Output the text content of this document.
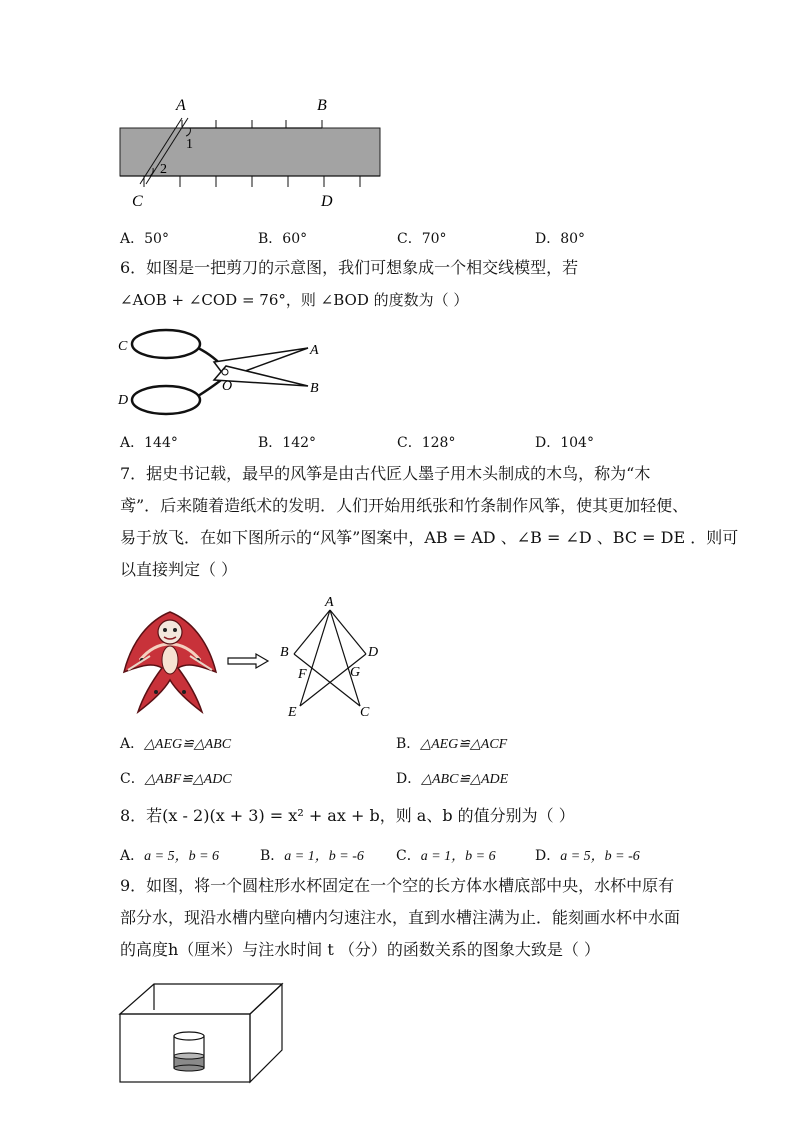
A	B
C	D
1
2
A．50°	B．60°	C．70°	D．80°
6．如图是一把剪刀的示意图，我们可想象成一个相交线模型，若
∠AOB + ∠COD = 76°，则 ∠BOD 的度数为（ ）
C
D
A
B
O
A．144°	B．142°	C．128°	D．104°
7．据史书记载，最早的风筝是由古代匠人墨子用木头制成的木鸟，称为“木
鸢”．后来随着造纸术的发明．人们开始用纸张和竹条制作风筝，使其更加轻便、
易于放飞．在如下图所示的“风筝”图案中，AB = AD 、∠B = ∠D 、BC = DE ．则可
以直接判定（ ）
A
B	D
F	G
E	C
A．△AEG≌△ABC	B．△AEG≌△ACF
C．△ABF≌△ADC	D．△ABC≌△ADE
8．若(x - 2)(x + 3) = x² + ax + b，则 a、b 的值分别为（ ）
A．a = 5，b = 6	B．a = 1，b = -6 C．a = 1，b = 6	D．a = 5，b = -6
9．如图，将一个圆柱形水杯固定在一个空的长方体水槽底部中央，水杯中原有
部分水，现沿水槽内壁向槽内匀速注水，直到水槽注满为止．能刻画水杯中水面
的高度h（厘米）与注水时间 t （分）的函数关系的图象大致是（ ）
